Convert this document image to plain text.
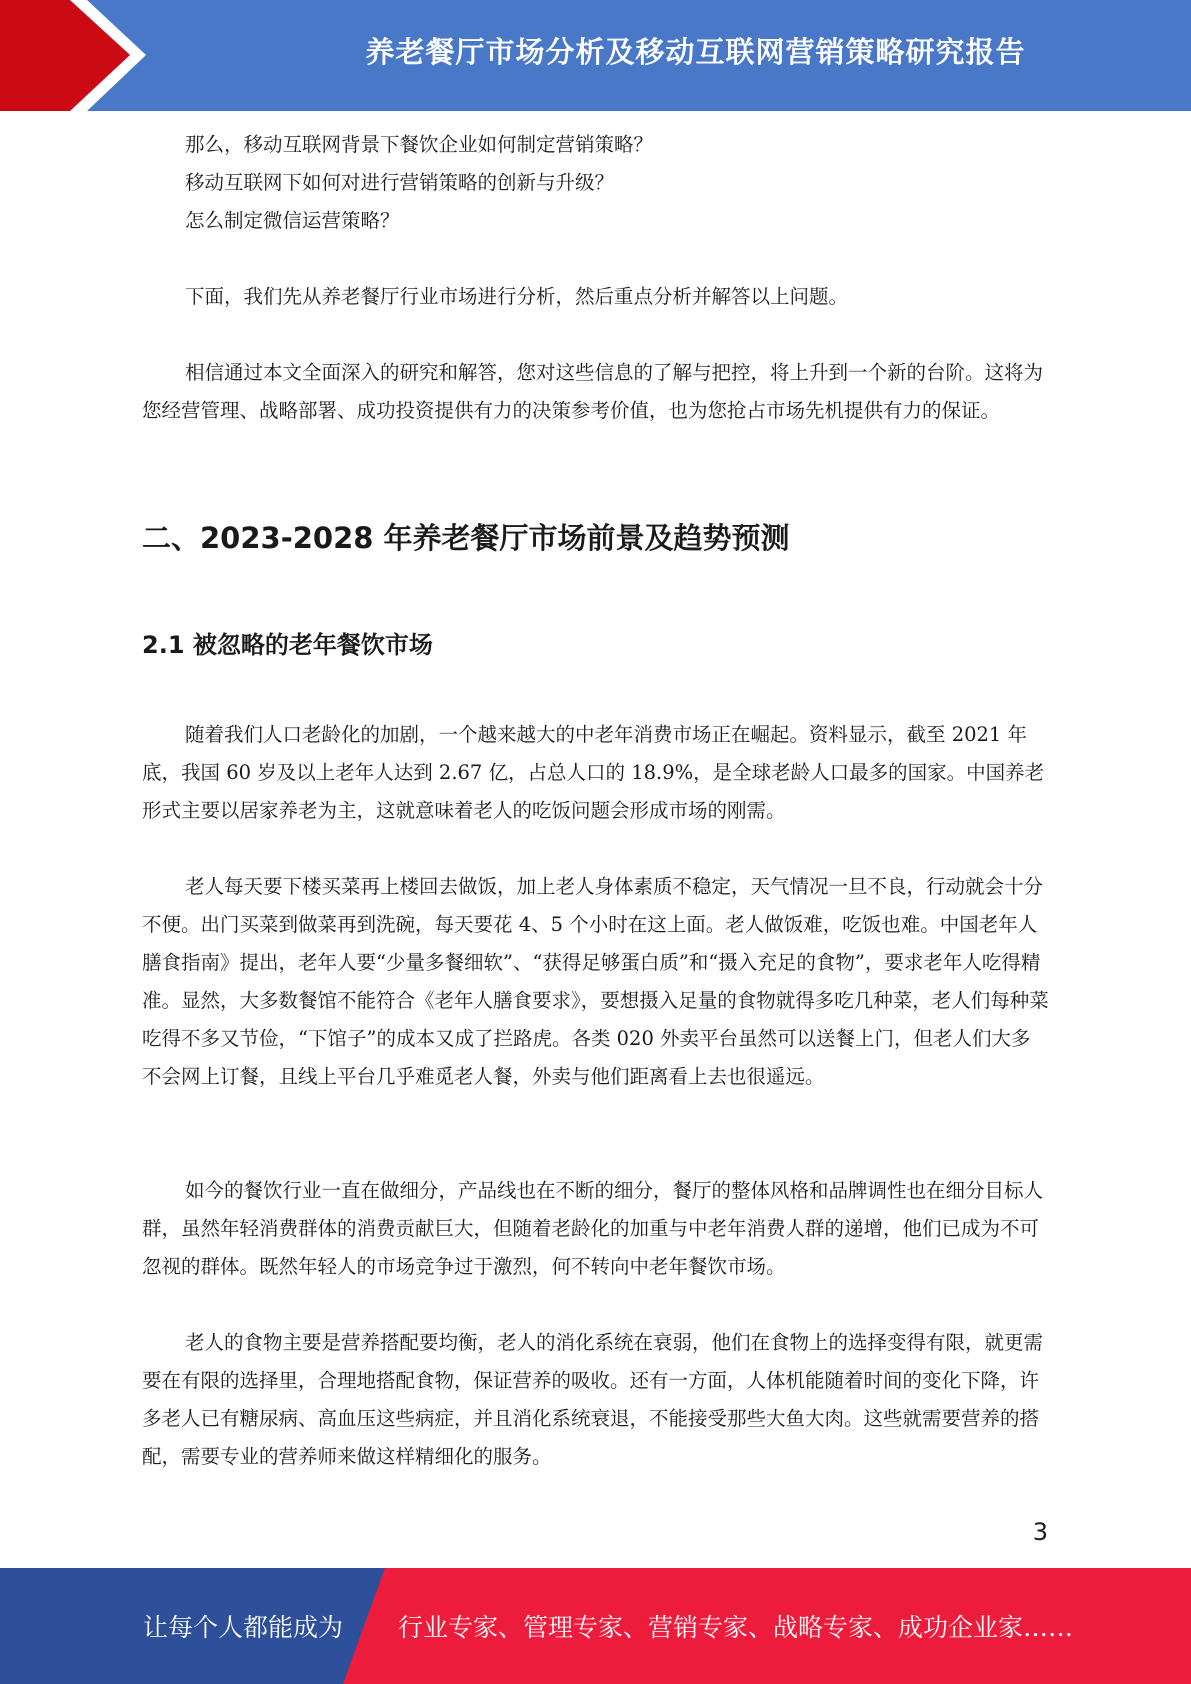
养老餐厅市场分析及移动互联网营销策略研究报告

那么，移动互联网背景下餐饮企业如何制定营销策略？

移动互联网下如何对进行营销策略的创新与升级？

怎么制定微信运营策略？

下面，我们先从养老餐厅行业市场进行分析，然后重点分析并解答以上问题。

相信通过本文全面深入的研究和解答，您对这些信息的了解与把控，将上升到一个新的台阶。这将为您经营管理、战略部署、成功投资提供有力的决策参考价值，也为您抢占市场先机提供有力的保证。

二、2023-2028 年养老餐厅市场前景及趋势预测
2.1 被忽略的老年餐饮市场

随着我们人口老龄化的加剧，一个越来越大的中老年消费市场正在崛起。资料显示，截至 2021 年底，我国 60 岁及以上老年人达到 2.67 亿，占总人口的 18.9%，是全球老龄人口最多的国家。中国养老形式主要以居家养老为主，这就意味着老人的吃饭问题会形成市场的刚需。

老人每天要下楼买菜再上楼回去做饭，加上老人身体素质不稳定，天气情况一旦不良，行动就会十分不便。出门买菜到做菜再到洗碗，每天要花 4、5 个小时在这上面。老人做饭难，吃饭也难。中国老年人膳食指南》提出，老年人要“少量多餐细软”、“获得足够蛋白质”和“摄入充足的食物”，要求老年人吃得精准。显然，大多数餐馆不能符合《老年人膳食要求》，要想摄入足量的食物就得多吃几种菜，老人们每种菜吃得不多又节俭，“下馆子”的成本又成了拦路虎。各类 020 外卖平台虽然可以送餐上门，但老人们大多不会网上订餐，且线上平台几乎难觅老人餐，外卖与他们距离看上去也很遥远。

如今的餐饮行业一直在做细分，产品线也在不断的细分，餐厅的整体风格和品牌调性也在细分目标人群，虽然年轻消费群体的消费贡献巨大，但随着老龄化的加重与中老年消费人群的递增，他们已成为不可忽视的群体。既然年轻人的市场竞争过于激烈，何不转向中老年餐饮市场。

老人的食物主要是营养搭配要均衡，老人的消化系统在衰弱，他们在食物上的选择变得有限，就更需要在有限的选择里，合理地搭配食物，保证营养的吸收。还有一方面，人体机能随着时间的变化下降，许多老人已有糖尿病、高血压这些病症，并且消化系统衰退，不能接受那些大鱼大肉。这些就需要营养的搭配，需要专业的营养师来做这样精细化的服务。

3
让每个人都能成为 行业专家、管理专家、营销专家、战略专家、成功企业家……
